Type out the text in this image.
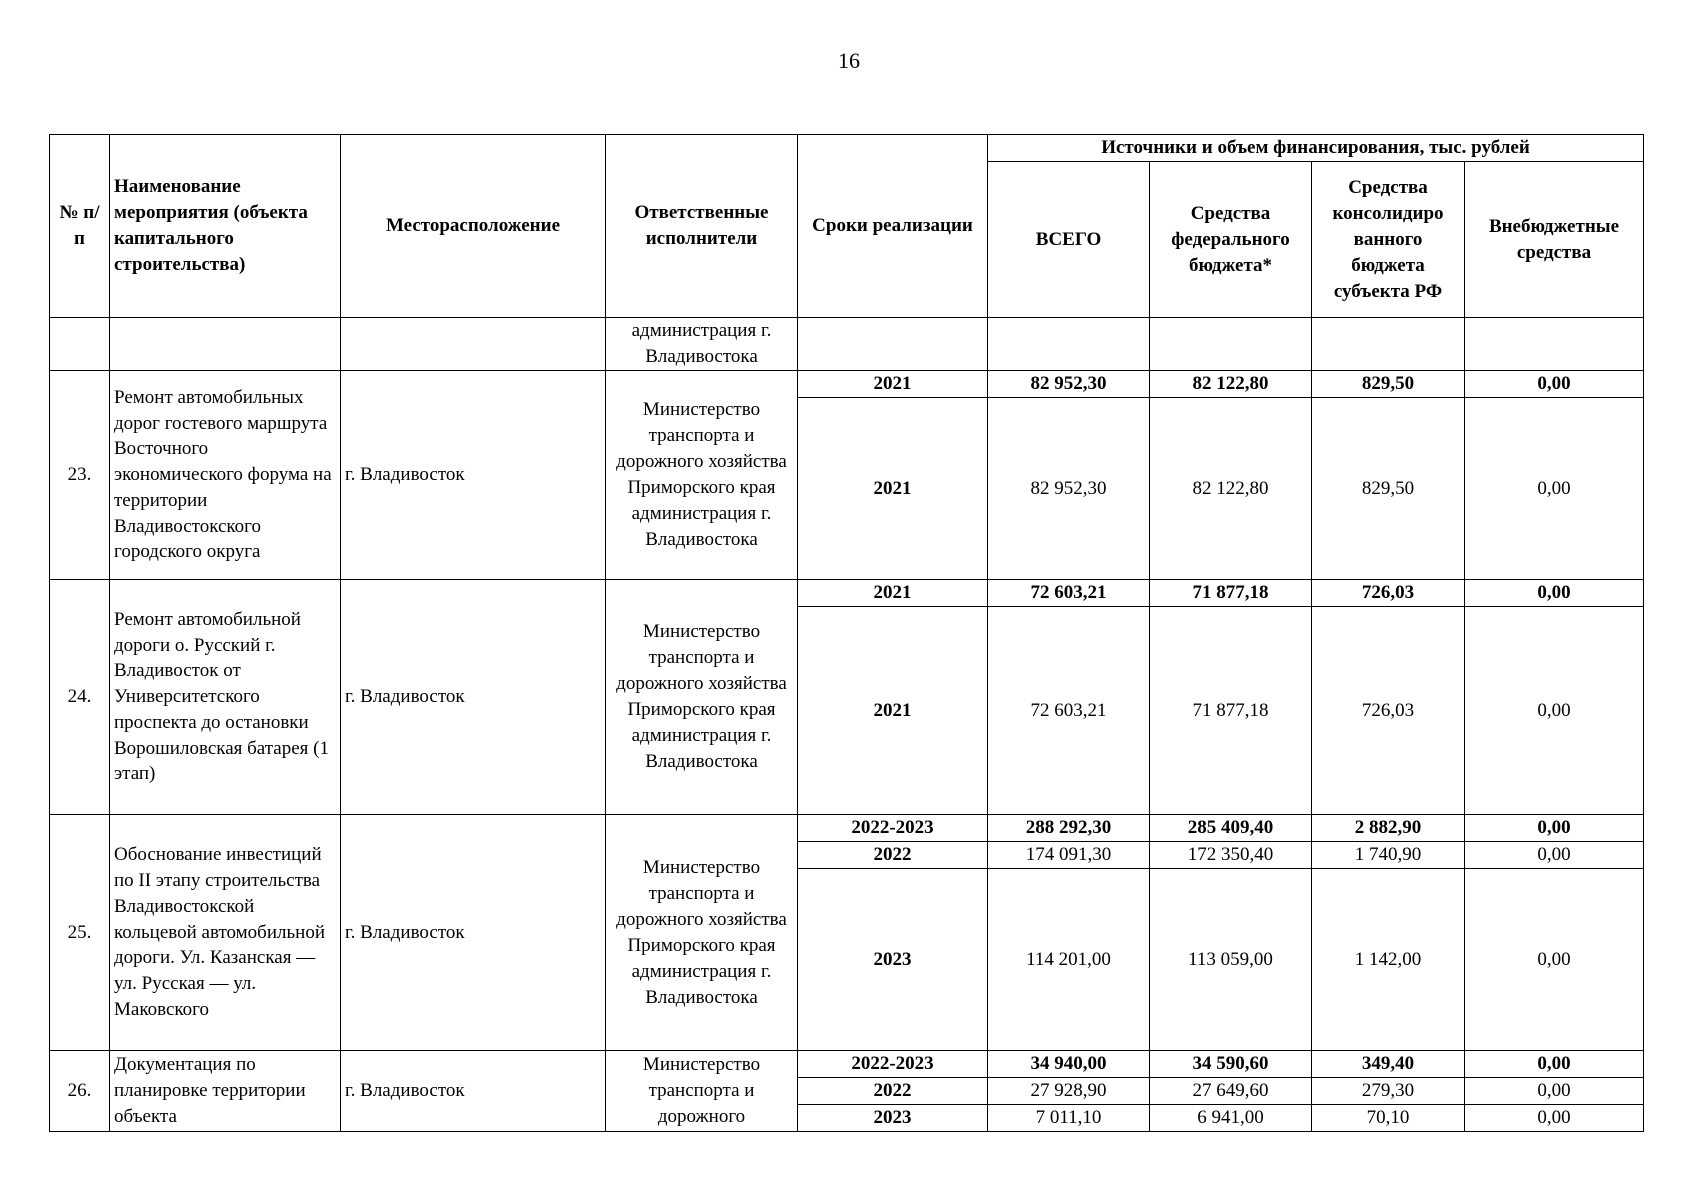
16
№ п/п	Наименование мероприятия (объекта капитального строительства)	Месторасположение	Ответственные исполнители	Сроки реализации	Источники и объем финансирования, тыс. рублей			
					ВСЕГО	Средства федерального бюджета*	Средства консолидиро ванного бюджета субъекта РФ	Внебюджетные средства
			администрация г. Владивостока					
23.	Ремонт автомобильных дорог гостевого маршрута Восточного экономического форума на территории Владивостокского городского округа	г. Владивосток	Министерство транспорта и дорожного хозяйства Приморского края администрация г. Владивостока	2021	82 952,30	82 122,80	829,50	0,00
				2021	82 952,30	82 122,80	829,50	0,00
24.	Ремонт автомобильной дороги о. Русский г. Владивосток от Университетского проспекта до остановки Ворошиловская батарея (1 этап)	г. Владивосток	Министерство транспорта и дорожного хозяйства Приморского края администрация г. Владивостока	2021	72 603,21	71 877,18	726,03	0,00
				2021	72 603,21	71 877,18	726,03	0,00
25.	Обоснование инвестиций по II этапу строительства Владивостокской кольцевой автомобильной дороги. Ул. Казанская — ул. Русская — ул. Маковского	г. Владивосток	Министерство транспорта и дорожного хозяйства Приморского края администрация г. Владивостока	2022-2023	288 292,30	285 409,40	2 882,90	0,00
				2022	174 091,30	172 350,40	1 740,90	0,00
				2023	114 201,00	113 059,00	1 142,00	0,00
26.	Документация по планировке территории объекта	г. Владивосток	Министерство транспорта и дорожного	2022-2023	34 940,00	34 590,60	349,40	0,00
				2022	27 928,90	27 649,60	279,30	0,00
				2023	7 011,10	6 941,00	70,10	0,00
